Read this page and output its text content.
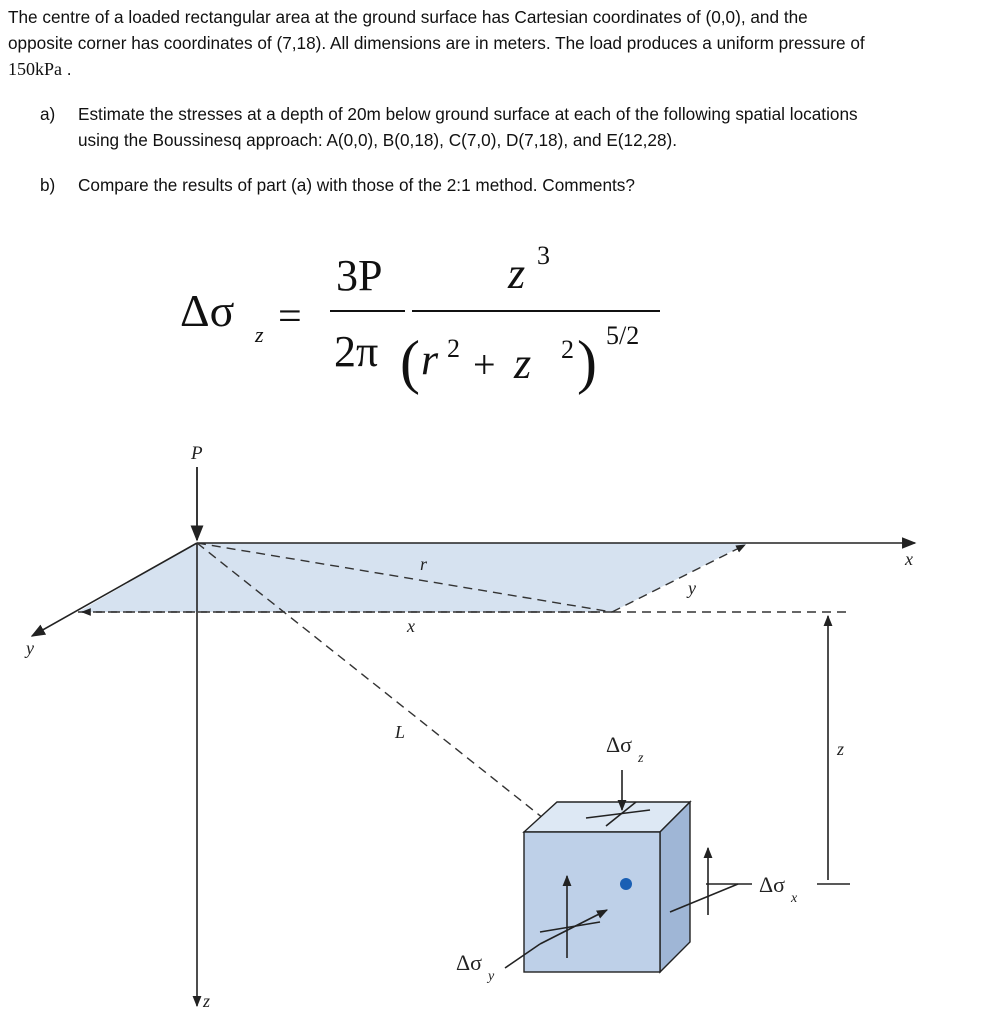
The centre of a loaded rectangular area at the ground surface has Cartesian coordinates of (0,0), and the
opposite corner has coordinates of (7,18). All dimensions are in meters. The load produces a uniform pressure of
150kPa .
a) Estimate the stresses at a depth of 20m below ground surface at each of the following spatial locations
using the Boussinesq approach: A(0,0), B(0,18), C(7,0), D(7,18), and E(12,28).
b) Compare the results of part (a) with those of the 2:1 method. Comments?
Δσ z =
3P
2π
z 3
( r 2 + z 2 ) 5/2
P
x
y
z
r
x
y
L
z
Δσ
z
Δσ
x
Δσ
y
